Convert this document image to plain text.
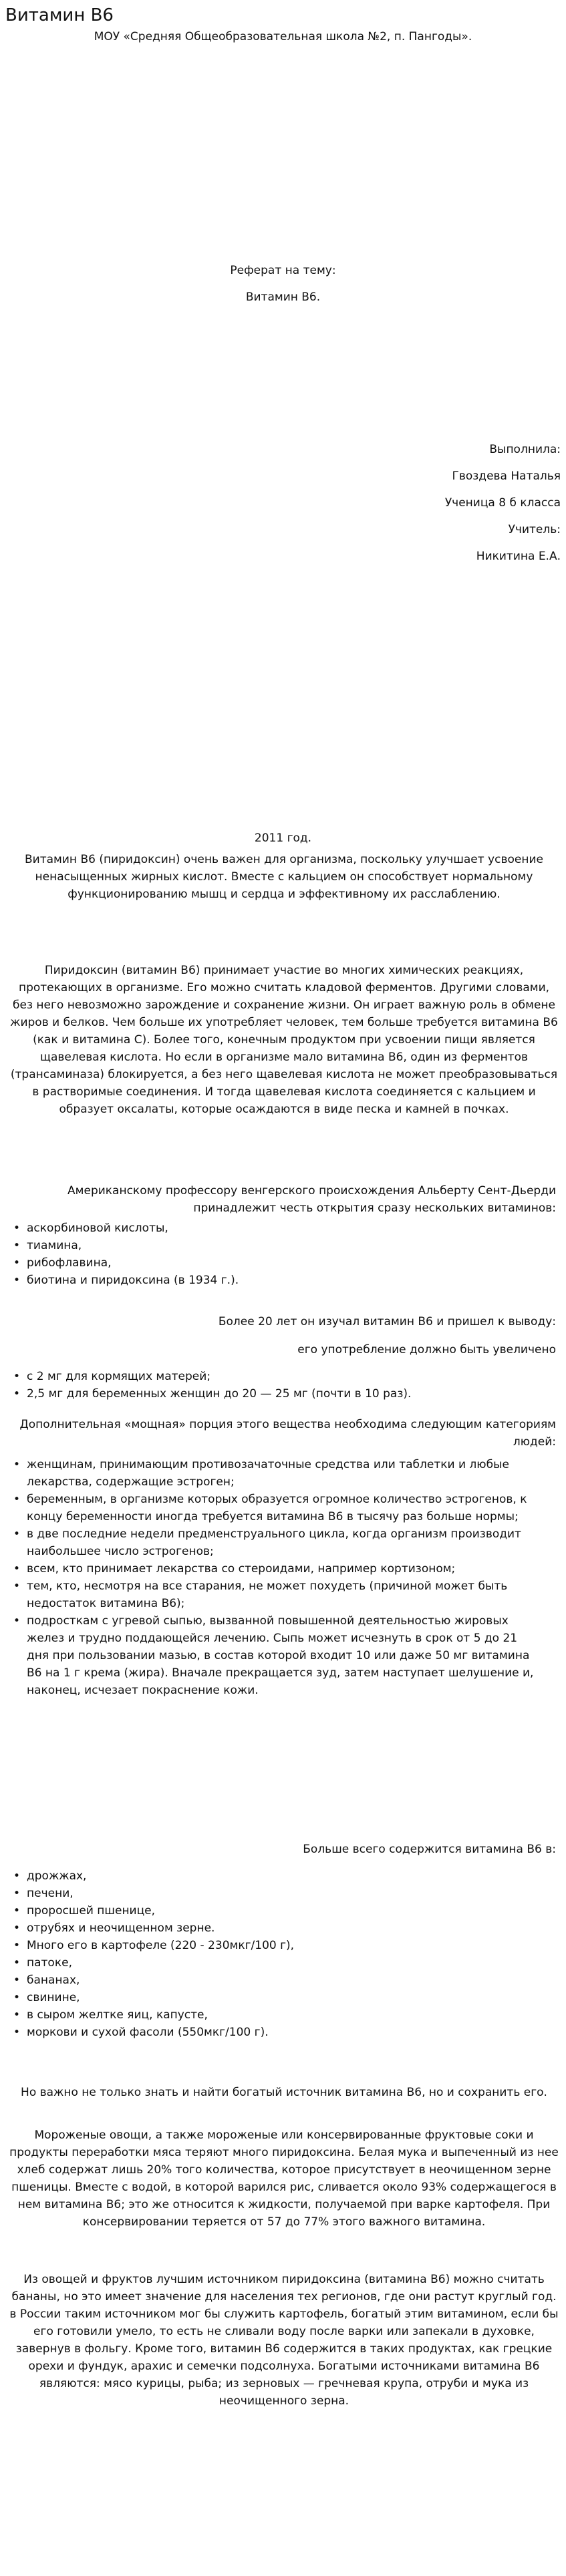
Витамин B6

МОУ «Средняя Общеобразовательная школа №2, п. Пангоды».

Реферат на тему:

Витамин B6.

Выполнила:
Гвоздева Наталья
Ученица 8 б класса
Учитель:
Никитина Е.А.

2011 год.

Витамин B6 (пиридоксин) очень важен для организма, поскольку улучшает усвоение ненасыщенных жирных кислот. Вместе с кальцием он способствует нормальному функционированию мышц и сердца и эффективному их расслаблению.

Пиридоксин (витамин B6) принимает участие во многих химических реакциях, протекающих в организме. Его можно считать кладовой ферментов. Другими словами, без него невозможно зарождение и сохранение жизни. Он играет важную роль в обмене жиров и белков. Чем больше их употребляет человек, тем больше требуется витамина B6 (как и витамина С). Более того, конечным продуктом при усвоении пищи является щавелевая кислота. Но если в организме мало витамина B6, один из ферментов (трансаминаза) блокируется, а без него щавелевая кислота не может преобразовываться в растворимые соединения. И тогда щавелевая кислота соединяется с кальцием и образует оксалаты, которые осаждаются в виде песка и камней в почках.

Американскому профессору венгерского происхождения Альберту Сент-Дьерди принадлежит честь открытия сразу нескольких витаминов:

• аскорбиновой кислоты,
• тиамина,
• рибофлавина,
• биотина и пиридоксина (в 1934 г.).

Более 20 лет он изучал витамин B6 и пришел к выводу:

его употребление должно быть увеличено

• с 2 мг для кормящих матерей;
• 2,5 мг для беременных женщин до 20 — 25 мг (почти в 10 раз).

Дополнительная «мощная» порция этого вещества необходима следующим категориям людей:

• женщинам, принимающим противозачаточные средства или таблетки и любые лекарства, содержащие эстроген;
• беременным, в организме которых образуется огромное количество эстрогенов, к концу беременности иногда требуется витамина B6 в тысячу раз больше нормы;
• в две последние недели предменструального цикла, когда организм производит наибольшее число эстрогенов;
• всем, кто принимает лекарства со стероидами, например кортизоном;
• тем, кто, несмотря на все старания, не может похудеть (причиной может быть недостаток витамина B6);
• подросткам с угревой сыпью, вызванной повышенной деятельностью жировых желез и трудно поддающейся лечению. Сыпь может исчезнуть в срок от 5 до 21 дня при пользовании мазью, в состав которой входит 10 или даже 50 мг витамина B6 на 1 г крема (жира). Вначале прекращается зуд, затем наступает шелушение и, наконец, исчезает покраснение кожи.

Больше всего содержится витамина B6 в:

• дрожжах,
• печени,
• проросшей пшенице,
• отрубях и неочищенном зерне.
• Много его в картофеле (220 - 230мкг/100 г),
• патоке,
• бананах,
• свинине,
• в сыром желтке яиц, капусте,
• моркови и сухой фасоли (550мкг/100 г).

Но важно не только знать и найти богатый источник витамина B6, но и сохранить его.

Мороженые овощи, а также мороженые или консервированные фруктовые соки и продукты переработки мяса теряют много пиридоксина. Белая мука и выпеченный из нее хлеб содержат лишь 20% того количества, которое присутствует в неочищенном зерне пшеницы. Вместе с водой, в которой варился рис, сливается около 93% содержащегося в нем витамина B6; это же относится к жидкости, получаемой при варке картофеля. При консервировании теряется от 57 до 77% этого важного витамина.

Из овощей и фруктов лучшим источником пиридоксина (витамина B6) можно считать бананы, но это имеет значение для населения тех регионов, где они растут круглый год. в России таким источником мог бы служить картофель, богатый этим витамином, если бы его готовили умело, то есть не сливали воду после варки или запекали в духовке, завернув в фольгу. Кроме того, витамин B6 содержится в таких продуктах, как грецкие орехи и фундук, арахис и семечки подсолнуха. Богатыми источниками витамина B6 являются: мясо курицы, рыба; из зерновых — гречневая крупа, отруби и мука из неочищенного зерна.
